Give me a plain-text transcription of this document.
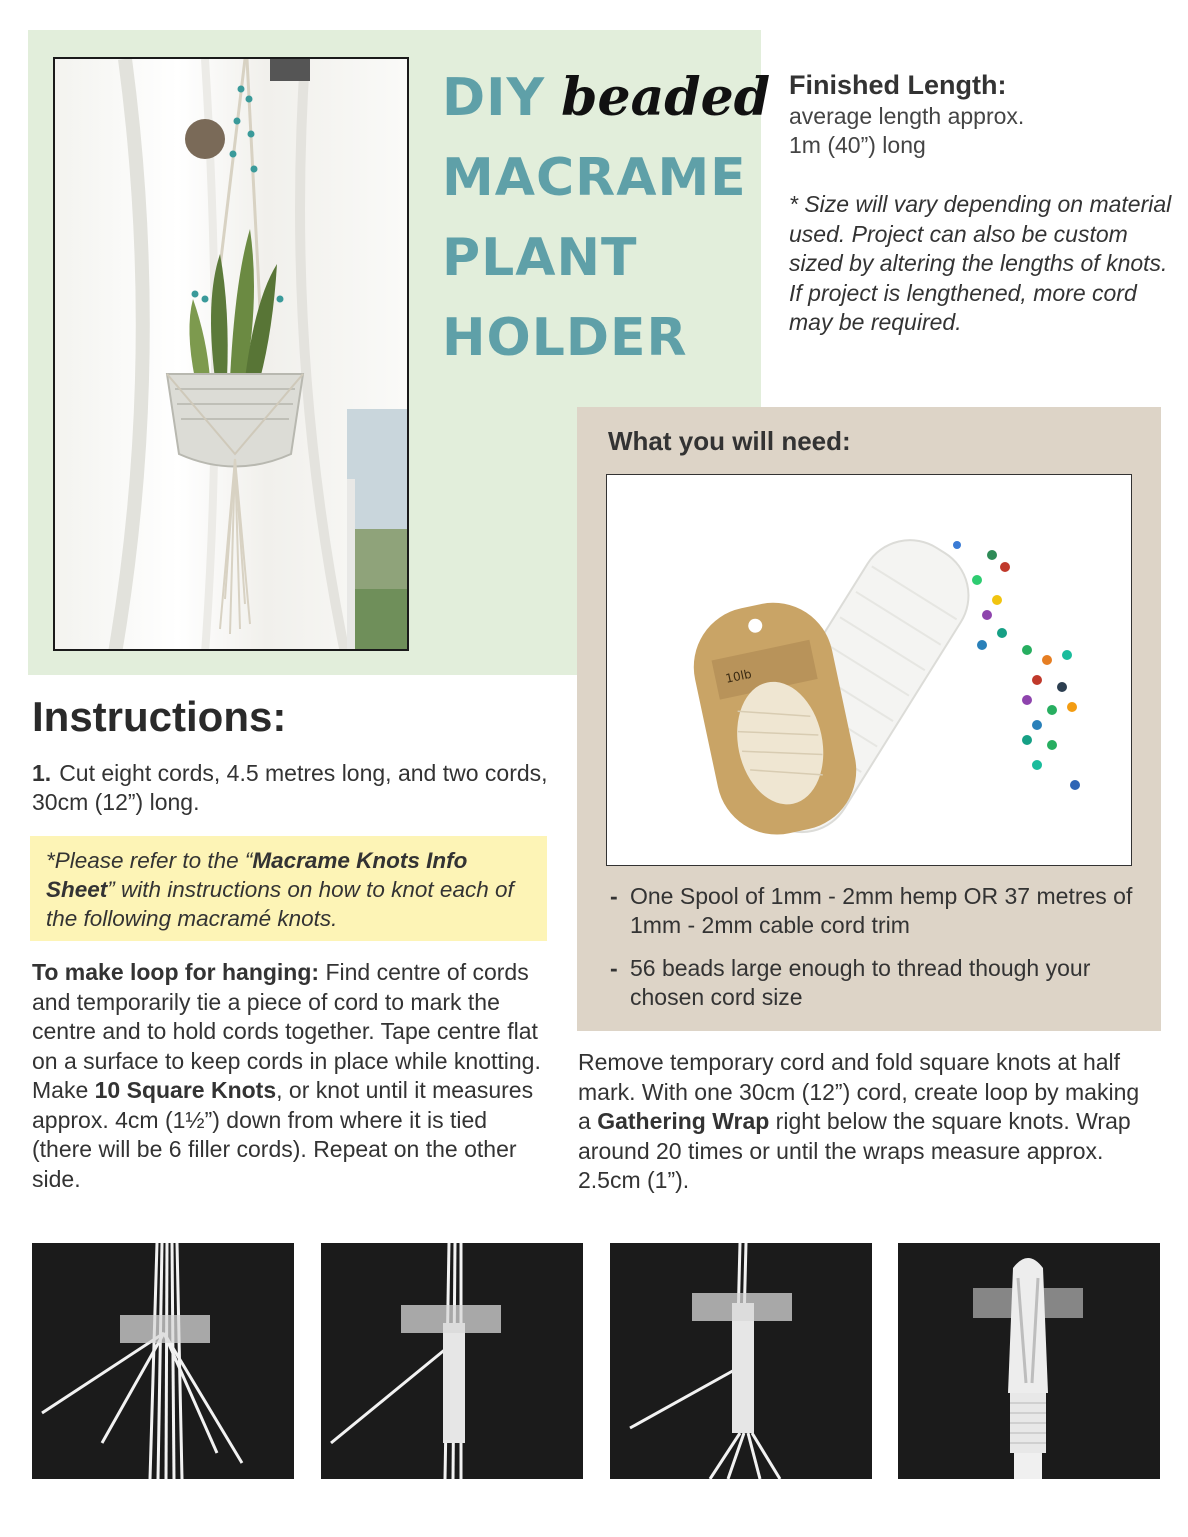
DIY beaded
MACRAME
PLANT
HOLDER
Finished Length:
average length approx.
1m (40”) long

* Size will vary depending on material used. Project can also be custom sized by altering the lengths of knots. If project is lengthened, more cord may be required.

What you will need:
10lb
- One Spool of 1mm - 2mm hemp OR 37 metres of 1mm - 2mm cable cord trim
- 56 beads large enough to thread though your chosen cord size
Instructions:

1. Cut eight cords, 4.5 metres long, and two cords, 30cm (12”) long.

*Please refer to the “Macrame Knots Info Sheet” with instructions on how to knot each of the following macramé knots.

To make loop for hanging: Find centre of cords and temporarily tie a piece of cord to mark the centre and to hold cords together. Tape centre flat on a surface to keep cords in place while knotting. Make 10 Square Knots, or knot until it measures approx. 4cm (1½”) down from where it is tied (there will be 6 filler cords). Repeat on the other side.

Remove temporary cord and fold square knots at half mark. With one 30cm (12”) cord, create loop by making a Gathering Wrap right below the square knots. Wrap around 20 times or until the wraps measure approx. 2.5cm (1”).
